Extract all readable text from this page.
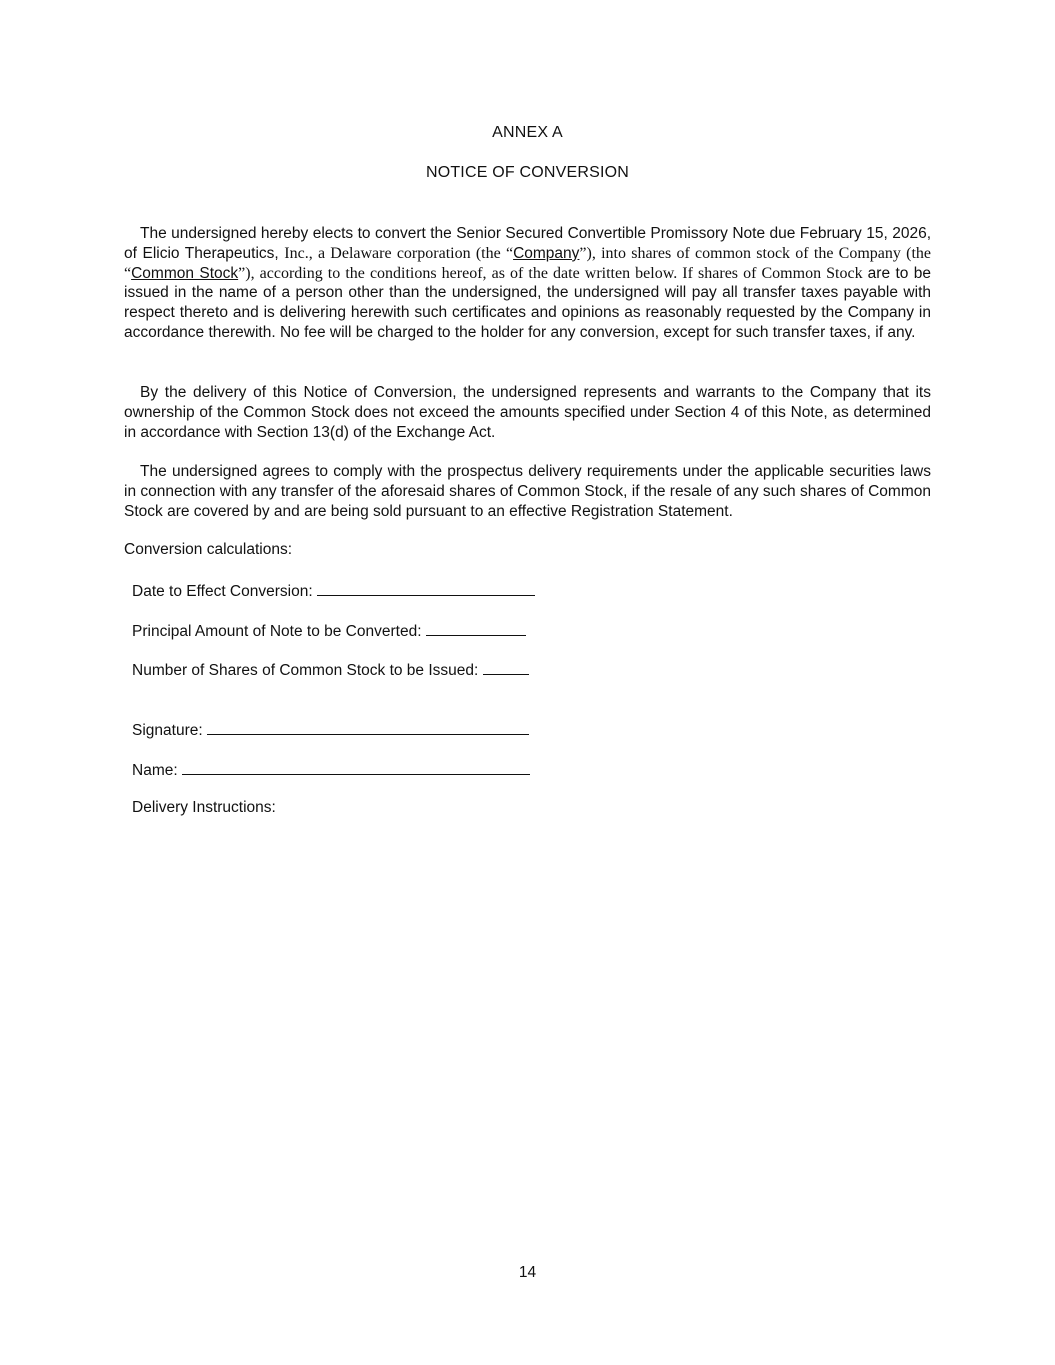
ANNEX A
NOTICE OF CONVERSION

The undersigned hereby elects to convert the Senior Secured Convertible Promissory Note due February 15, 2026, of Elicio Therapeutics, Inc., a Delaware corporation (the “Company”), into shares of common stock of the Company (the “Common Stock”), according to the conditions hereof, as of the date written below. If shares of Common Stock are to be issued in the name of a person other than the undersigned, the undersigned will pay all transfer taxes payable with respect thereto and is delivering herewith such certificates and opinions as reasonably requested by the Company in accordance therewith. No fee will be charged to the holder for any conversion, except for such transfer taxes, if any.

By the delivery of this Notice of Conversion, the undersigned represents and warrants to the Company that its ownership of the Common Stock does not exceed the amounts specified under Section 4 of this Note, as determined in accordance with Section 13(d) of the Exchange Act.

The undersigned agrees to comply with the prospectus delivery requirements under the applicable securities laws in connection with any transfer of the aforesaid shares of Common Stock, if the resale of any such shares of Common Stock are covered by and are being sold pursuant to an effective Registration Statement.

Conversion calculations:
Date to Effect Conversion:
Principal Amount of Note to be Converted:
Number of Shares of Common Stock to be Issued:
Signature:
Name:
Delivery Instructions:
14
